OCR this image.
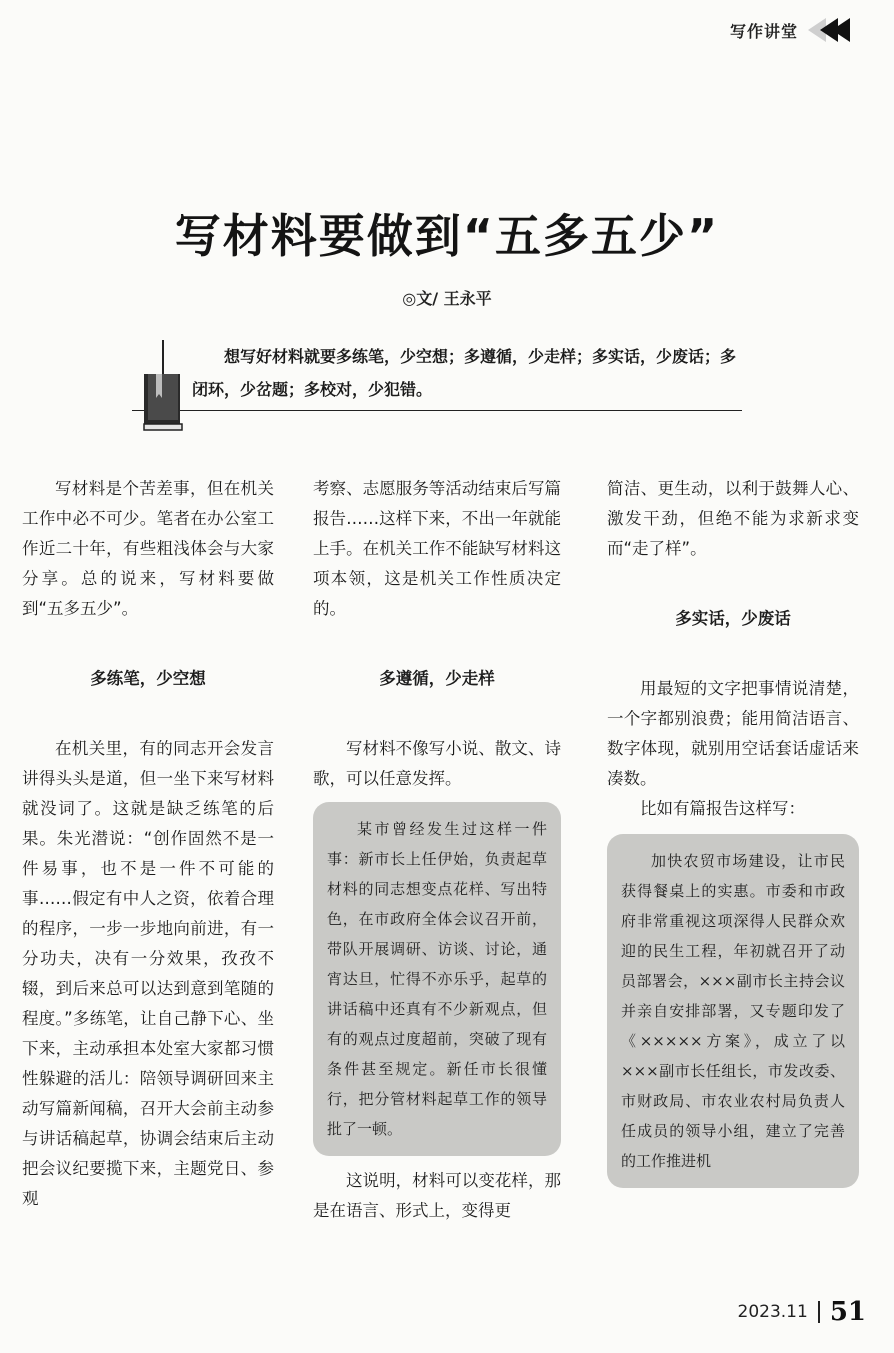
写作讲堂
写材料要做到“五多五少”
◎文/ 王永平
想写好材料就要多练笔，少空想；多遵循，少走样；多实话，少废话；多闭环，少岔题；多校对，少犯错。

写材料是个苦差事，但在机关工作中必不可少。笔者在办公室工作近二十年，有些粗浅体会与大家分享。总的说来，写材料要做到“五多五少”。

多练笔，少空想

在机关里，有的同志开会发言讲得头头是道，但一坐下来写材料就没词了。这就是缺乏练笔的后果。朱光潜说：“创作固然不是一件易事，也不是一件不可能的事……假定有中人之资，依着合理的程序，一步一步地向前进，有一分功夫，决有一分效果，孜孜不辍，到后来总可以达到意到笔随的程度。”多练笔，让自己静下心、坐下来，主动承担本处室大家都习惯性躲避的活儿：陪领导调研回来主动写篇新闻稿，召开大会前主动参与讲话稿起草，协调会结束后主动把会议纪要揽下来，主题党日、参观

考察、志愿服务等活动结束后写篇报告……这样下来，不出一年就能上手。在机关工作不能缺写材料这项本领，这是机关工作性质决定的。

多遵循，少走样

写材料不像写小说、散文、诗歌，可以任意发挥。

某市曾经发生过这样一件事：新市长上任伊始，负责起草材料的同志想变点花样、写出特色，在市政府全体会议召开前，带队开展调研、访谈、讨论，通宵达旦，忙得不亦乐乎，起草的讲话稿中还真有不少新观点，但有的观点过度超前，突破了现有条件甚至规定。新任市长很懂行，把分管材料起草工作的领导批了一顿。

这说明，材料可以变花样，那是在语言、形式上，变得更

简洁、更生动，以利于鼓舞人心、激发干劲，但绝不能为求新求变而“走了样”。

多实话，少废话

用最短的文字把事情说清楚，一个字都别浪费；能用简洁语言、数字体现，就别用空话套话虚话来凑数。

比如有篇报告这样写：

加快农贸市场建设，让市民获得餐桌上的实惠。市委和市政府非常重视这项深得人民群众欢迎的民生工程，年初就召开了动员部署会，×××副市长主持会议并亲自安排部署，又专题印发了《×××××方案》，成立了以×××副市长任组长，市发改委、市财政局、市农业农村局负责人任成员的领导小组，建立了完善的工作推进机
2023.11 51
